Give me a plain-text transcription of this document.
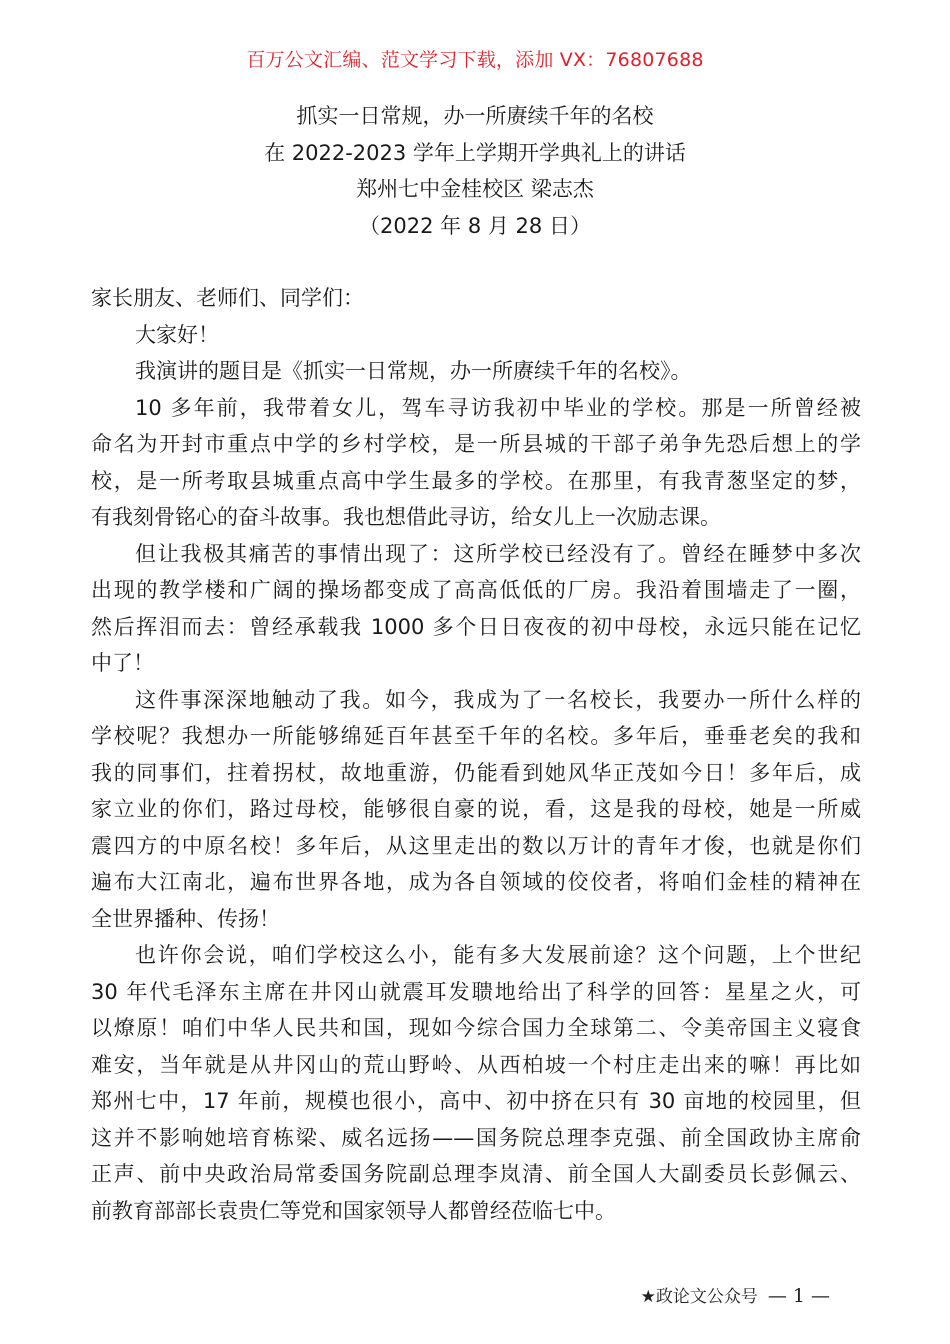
百万公文汇编、范文学习下载，添加 VX：76807688
抓实一日常规，办一所赓续千年的名校
在 2022-2023 学年上学期开学典礼上的讲话
郑州七中金桂校区 梁志杰
（2022 年 8 月 28 日）
家长朋友、老师们、同学们：
大家好！
我演讲的题目是《抓实一日常规，办一所赓续千年的名校》。
10 多年前，我带着女儿，驾车寻访我初中毕业的学校。那是一所曾经被
命名为开封市重点中学的乡村学校，是一所县城的干部子弟争先恐后想上的学
校，是一所考取县城重点高中学生最多的学校。在那里，有我青葱坚定的梦，
有我刻骨铭心的奋斗故事。我也想借此寻访，给女儿上一次励志课。
但让我极其痛苦的事情出现了：这所学校已经没有了。曾经在睡梦中多次
出现的教学楼和广阔的操场都变成了高高低低的厂房。我沿着围墙走了一圈，
然后挥泪而去：曾经承载我 1000 多个日日夜夜的初中母校，永远只能在记忆
中了！
这件事深深地触动了我。如今，我成为了一名校长，我要办一所什么样的
学校呢？我想办一所能够绵延百年甚至千年的名校。多年后，垂垂老矣的我和
我的同事们，拄着拐杖，故地重游，仍能看到她风华正茂如今日！多年后，成
家立业的你们，路过母校，能够很自豪的说，看，这是我的母校，她是一所威
震四方的中原名校！多年后，从这里走出的数以万计的青年才俊，也就是你们
遍布大江南北，遍布世界各地，成为各自领域的佼佼者，将咱们金桂的精神在
全世界播种、传扬！
也许你会说，咱们学校这么小，能有多大发展前途？这个问题，上个世纪
30 年代毛泽东主席在井冈山就震耳发聩地给出了科学的回答：星星之火，可
以燎原！咱们中华人民共和国，现如今综合国力全球第二、令美帝国主义寝食
难安，当年就是从井冈山的荒山野岭、从西柏坡一个村庄走出来的嘛！再比如
郑州七中，17 年前，规模也很小，高中、初中挤在只有 30 亩地的校园里，但
这并不影响她培育栋梁、威名远扬——国务院总理李克强、前全国政协主席俞
正声、前中央政治局常委国务院副总理李岚清、前全国人大副委员长彭佩云、
前教育部部长袁贵仁等党和国家领导人都曾经莅临七中。
★政论文公众号 — 1 —
